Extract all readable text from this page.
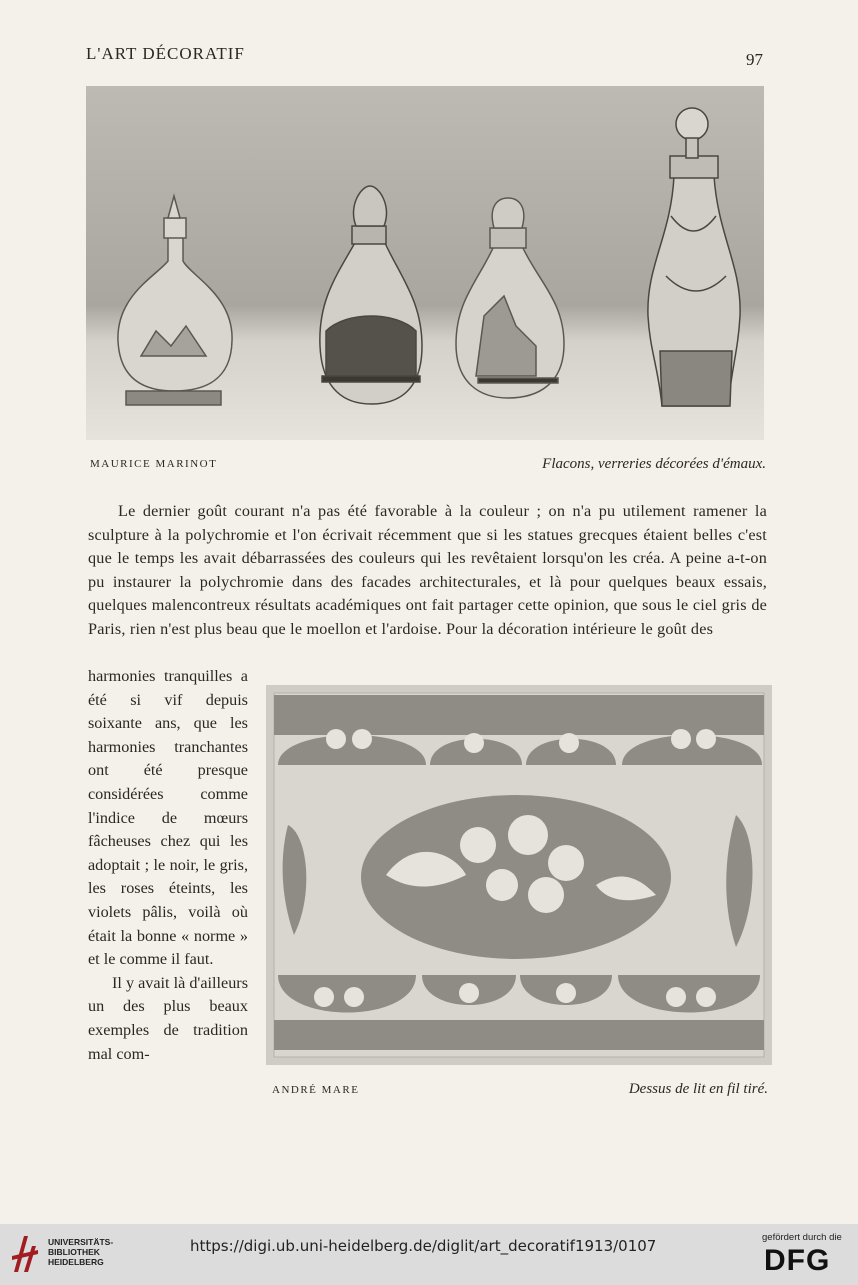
L'ART DÉCORATIF	97
MAURICE MARINOT	Flacons, verreries décorées d'émaux.
Le dernier goût courant n'a pas été favorable à la couleur ; on n'a pu utilement ramener la sculpture à la polychromie et l'on écrivait récemment que si les statues grecques étaient belles c'est que le temps les avait débarrassées des couleurs qui les revêtaient lorsqu'on les créa. A peine a-t-on pu instaurer la polychromie dans des facades architecturales, et là pour quelques beaux essais, quelques malencontreux résultats académiques ont fait partager cette opinion, que sous le ciel gris de Paris, rien n'est plus beau que le moellon et l'ardoise. Pour la décoration intérieure le goût des

harmonies tranquilles a été si vif depuis soixante ans, que les harmonies tranchantes ont été presque considérées comme l'indice de mœurs fâcheuses chez qui les adoptait ; le noir, le gris, les roses éteints, les violets pâlis, voilà où était la bonne « norme » et le comme il faut.

Il y avait là d'ailleurs un des plus beaux exemples de tradition mal com-

ANDRÉ MARE	Dessus de lit en fil tiré.
UNIVERSITÄTS-
BIBLIOTHEK
HEIDELBERG
https://digi.ub.uni-heidelberg.de/diglit/art_decoratif1913/0107	gefördert durch die
DFG
